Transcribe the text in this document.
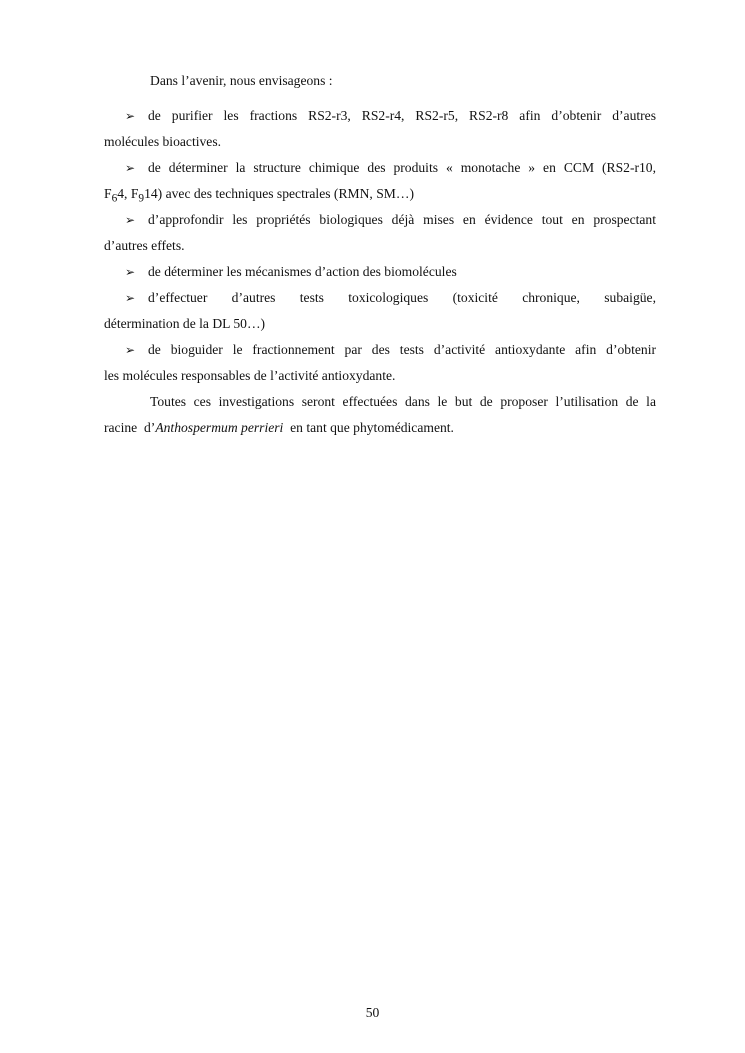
Dans l’avenir, nous envisageons :
➢ de purifier les fractions RS2-r3, RS2-r4, RS2-r5, RS2-r8 afin d’obtenir d’autres
molécules bioactives.
➢ de déterminer la structure chimique des produits « monotache » en CCM (RS2-r10,
$F_64$, $F_914$) avec des techniques spectrales (RMN, SM…)
➢ d’approfondir les propriétés biologiques déjà mises en évidence tout en prospectant
d’autres effets.
➢ de déterminer les mécanismes d’action des biomolécules
➢ d’effectuer d’autres tests toxicologiques (toxicité chronique, subaigüe,
détermination de la DL 50…)
➢ de bioguider le fractionnement par des tests d’activité antioxydante afin d’obtenir
les molécules responsables de l’activité antioxydante.
Toutes ces investigations seront effectuées dans le but de proposer l’utilisation de la
racine  d’Anthospermum perrieri  en tant que phytomédicament.
50
